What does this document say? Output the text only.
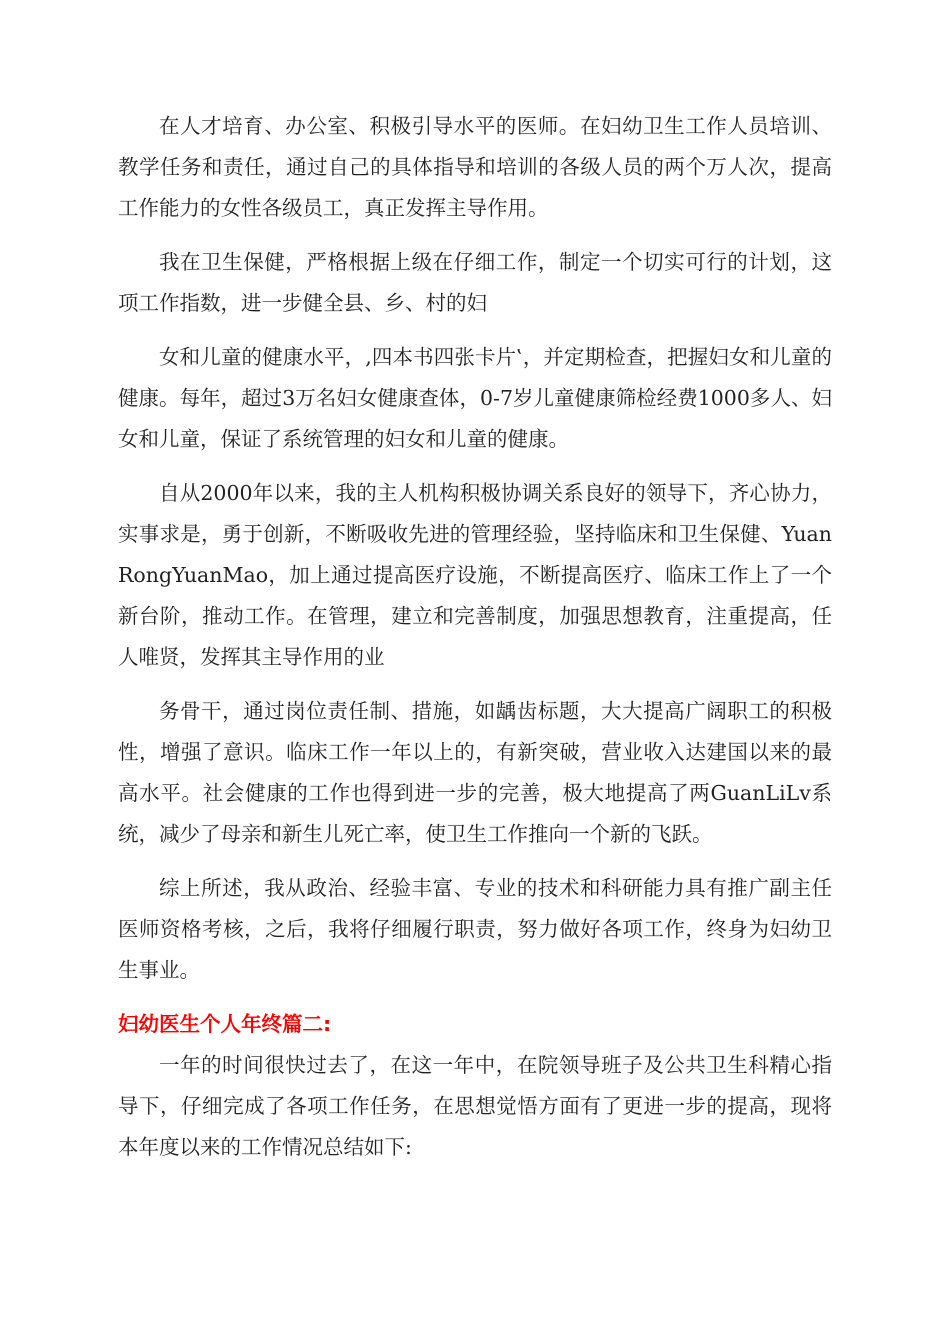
在人才培育、办公室、积极引导水平的医师。在妇幼卫生工作人员培训、教学任务和责任，通过自己的具体指导和培训的各级人员的两个万人次，提高工作能力的女性各级员工，真正发挥主导作用。

我在卫生保健，严格根据上级在仔细工作，制定一个切实可行的计划，这项工作指数，进一步健全县、乡、村的妇

女和儿童的健康水平，,四本书四张卡片‛，并定期检查，把握妇女和儿童的健康。每年，超过3万名妇女健康查体，0-7岁儿童健康筛检经费1000多人、妇女和儿童，保证了系统管理的妇女和儿童的健康。

自从2000年以来，我的主人机构积极协调关系良好的领导下，齐心协力，实事求是，勇于创新，不断吸收先进的管理经验，坚持临床和卫生保健、YuanRongYuanMao，加上通过提高医疗设施，不断提高医疗、临床工作上了一个新台阶，推动工作。在管理，建立和完善制度，加强思想教育，注重提高，任人唯贤，发挥其主导作用的业

务骨干，通过岗位责任制、措施，如龋齿标题，大大提高广阔职工的积极性，增强了意识。临床工作一年以上的，有新突破，营业收入达建国以来的最高水平。社会健康的工作也得到进一步的完善，极大地提高了两GuanLiLv系统，减少了母亲和新生儿死亡率，使卫生工作推向一个新的飞跃。

综上所述，我从政治、经验丰富、专业的技术和科研能力具有推广副主任医师资格考核，之后，我将仔细履行职责，努力做好各项工作，终身为妇幼卫生事业。

妇幼医生个人年终篇二:

一年的时间很快过去了，在这一年中，在院领导班子及公共卫生科精心指导下，仔细完成了各项工作任务，在思想觉悟方面有了更进一步的提高，现将本年度以来的工作情况总结如下:
